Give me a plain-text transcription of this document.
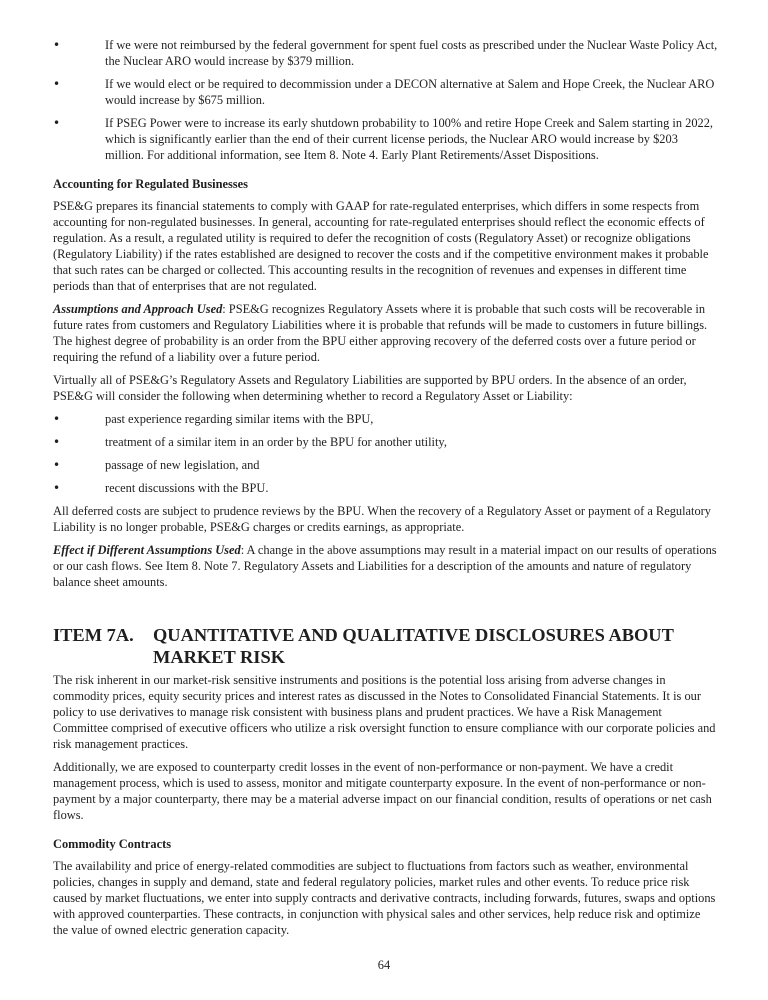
•	If we were not reimbursed by the federal government for spent fuel costs as prescribed under the Nuclear Waste Policy Act, the Nuclear ARO would increase by $379 million.
•	If we would elect or be required to decommission under a DECON alternative at Salem and Hope Creek, the Nuclear ARO would increase by $675 million.
•	If PSEG Power were to increase its early shutdown probability to 100% and retire Hope Creek and Salem starting in 2022, which is significantly earlier than the end of their current license periods, the Nuclear ARO would increase by $203 million. For additional information, see Item 8. Note 4. Early Plant Retirements/Asset Dispositions.
Accounting for Regulated Businesses

PSE&G prepares its financial statements to comply with GAAP for rate-regulated enterprises, which differs in some respects from accounting for non-regulated businesses. In general, accounting for rate-regulated enterprises should reflect the economic effects of regulation. As a result, a regulated utility is required to defer the recognition of costs (Regulatory Asset) or recognize obligations (Regulatory Liability) if the rates established are designed to recover the costs and if the competitive environment makes it probable that such rates can be charged or collected. This accounting results in the recognition of revenues and expenses in different time periods than that of enterprises that are not regulated.

Assumptions and Approach Used: PSE&G recognizes Regulatory Assets where it is probable that such costs will be recoverable in future rates from customers and Regulatory Liabilities where it is probable that refunds will be made to customers in future billings. The highest degree of probability is an order from the BPU either approving recovery of the deferred costs over a future period or requiring the refund of a liability over a future period.

Virtually all of PSE&G’s Regulatory Assets and Regulatory Liabilities are supported by BPU orders. In the absence of an order, PSE&G will consider the following when determining whether to record a Regulatory Asset or Liability:

•	past experience regarding similar items with the BPU,
•	treatment of a similar item in an order by the BPU for another utility,
•	passage of new legislation, and
•	recent discussions with the BPU.

All deferred costs are subject to prudence reviews by the BPU. When the recovery of a Regulatory Asset or payment of a Regulatory Liability is no longer probable, PSE&G charges or credits earnings, as appropriate.

Effect if Different Assumptions Used: A change in the above assumptions may result in a material impact on our results of operations or our cash flows. See Item 8. Note 7. Regulatory Assets and Liabilities for a description of the amounts and nature of regulatory balance sheet amounts.

ITEM 7A.	QUANTITATIVE AND QUALITATIVE DISCLOSURES ABOUT MARKET RISK

The risk inherent in our market-risk sensitive instruments and positions is the potential loss arising from adverse changes in commodity prices, equity security prices and interest rates as discussed in the Notes to Consolidated Financial Statements. It is our policy to use derivatives to manage risk consistent with business plans and prudent practices. We have a Risk Management Committee comprised of executive officers who utilize a risk oversight function to ensure compliance with our corporate policies and risk management practices.

Additionally, we are exposed to counterparty credit losses in the event of non-performance or non-payment. We have a credit management process, which is used to assess, monitor and mitigate counterparty exposure. In the event of non-performance or non-payment by a major counterparty, there may be a material adverse impact on our financial condition, results of operations or net cash flows.

Commodity Contracts

The availability and price of energy-related commodities are subject to fluctuations from factors such as weather, environmental policies, changes in supply and demand, state and federal regulatory policies, market rules and other events. To reduce price risk caused by market fluctuations, we enter into supply contracts and derivative contracts, including forwards, futures, swaps and options with approved counterparties. These contracts, in conjunction with physical sales and other services, help reduce risk and optimize the value of owned electric generation capacity.

64
